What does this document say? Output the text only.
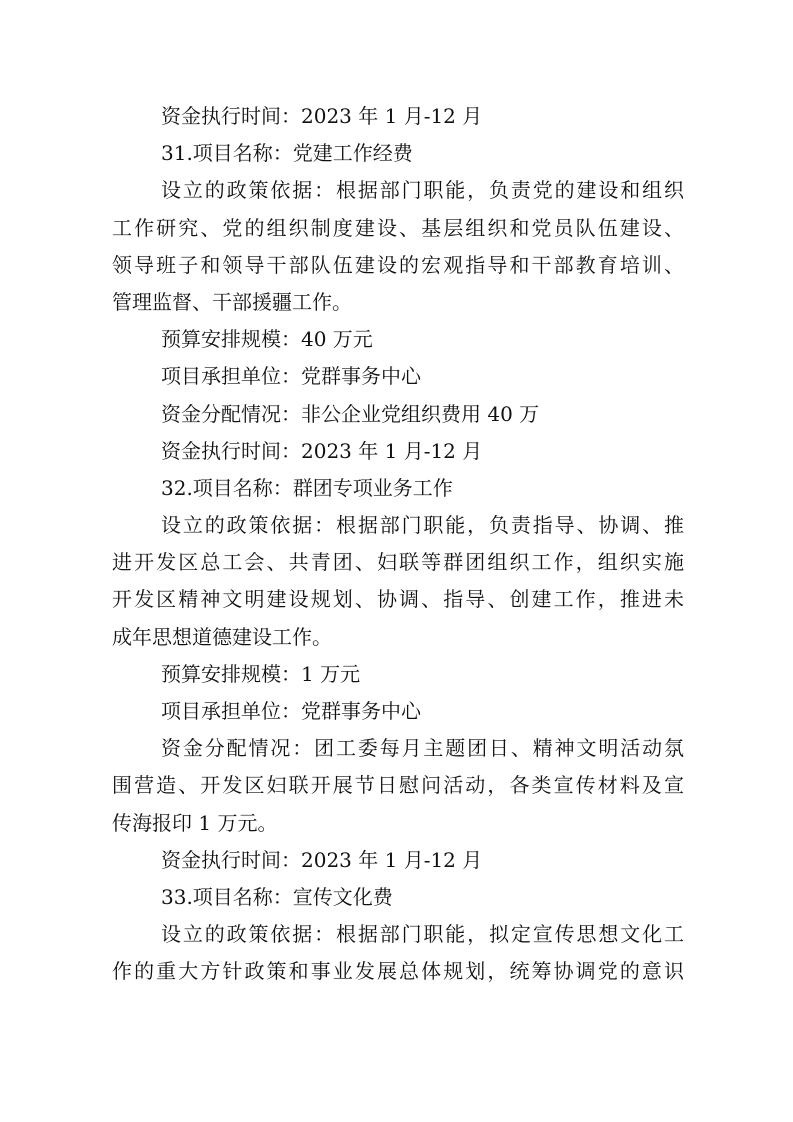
资金执行时间：2023 年 1 月-12 月
31.项目名称：党建工作经费
设立的政策依据：根据部门职能，负责党的建设和组织
工作研究、党的组织制度建设、基层组织和党员队伍建设、
领导班子和领导干部队伍建设的宏观指导和干部教育培训、
管理监督、干部援疆工作。
预算安排规模：40 万元
项目承担单位：党群事务中心
资金分配情况：非公企业党组织费用 40 万
资金执行时间：2023 年 1 月-12 月
32.项目名称：群团专项业务工作
设立的政策依据：根据部门职能，负责指导、协调、推
进开发区总工会、共青团、妇联等群团组织工作，组织实施
开发区精神文明建设规划、协调、指导、创建工作，推进未
成年思想道德建设工作。
预算安排规模：1 万元
项目承担单位：党群事务中心
资金分配情况：团工委每月主题团日、精神文明活动氛
围营造、开发区妇联开展节日慰问活动，各类宣传材料及宣
传海报印 1 万元。
资金执行时间：2023 年 1 月-12 月
33.项目名称：宣传文化费
设立的政策依据：根据部门职能，拟定宣传思想文化工
作的重大方针政策和事业发展总体规划，统筹协调党的意识
